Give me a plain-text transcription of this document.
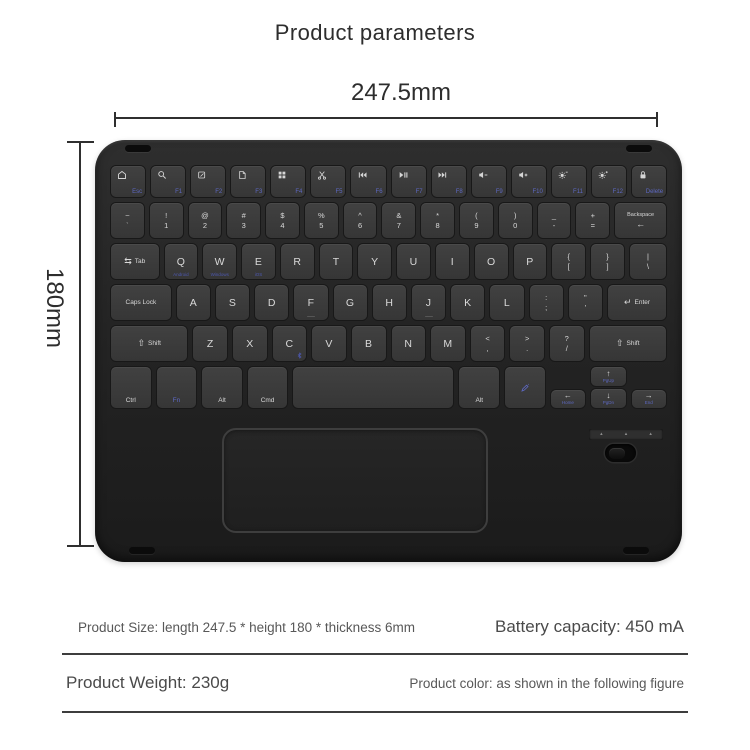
Product parameters
247.5mm
180mm
Esc	F1	F2	F3	F4	F5	F6	F7	F8	F9	F10	F11	F12	Delete
~
`
!
1
@
2
#
3
$
4
%
5
^
6
&
7
*
8
(
9
)
0
_
-
+
=
Backspace
←
⇆ Tab	Q
Android
W
Windows
E
iOS
R	T	Y	U	I	O	P	{
[
}
]
|
\
Caps Lock	A	S	D	F	G	H	J	K	L	:
;
"
'
↵ Enter
⇧ Shift	Z	X	C	V	B	N	M	<
,
>
.
?
/
⇧ Shift
Ctrl	Fn	Alt	Cmd	Alt
←
Home
↑
PgUp
↓
PgDn
→
End
▴	▴	▴
Product Size: length 247.5 * height 180 * thickness 6mm	Battery capacity: 450 mA
Product Weight: 230g	Product color: as shown in the following figure
